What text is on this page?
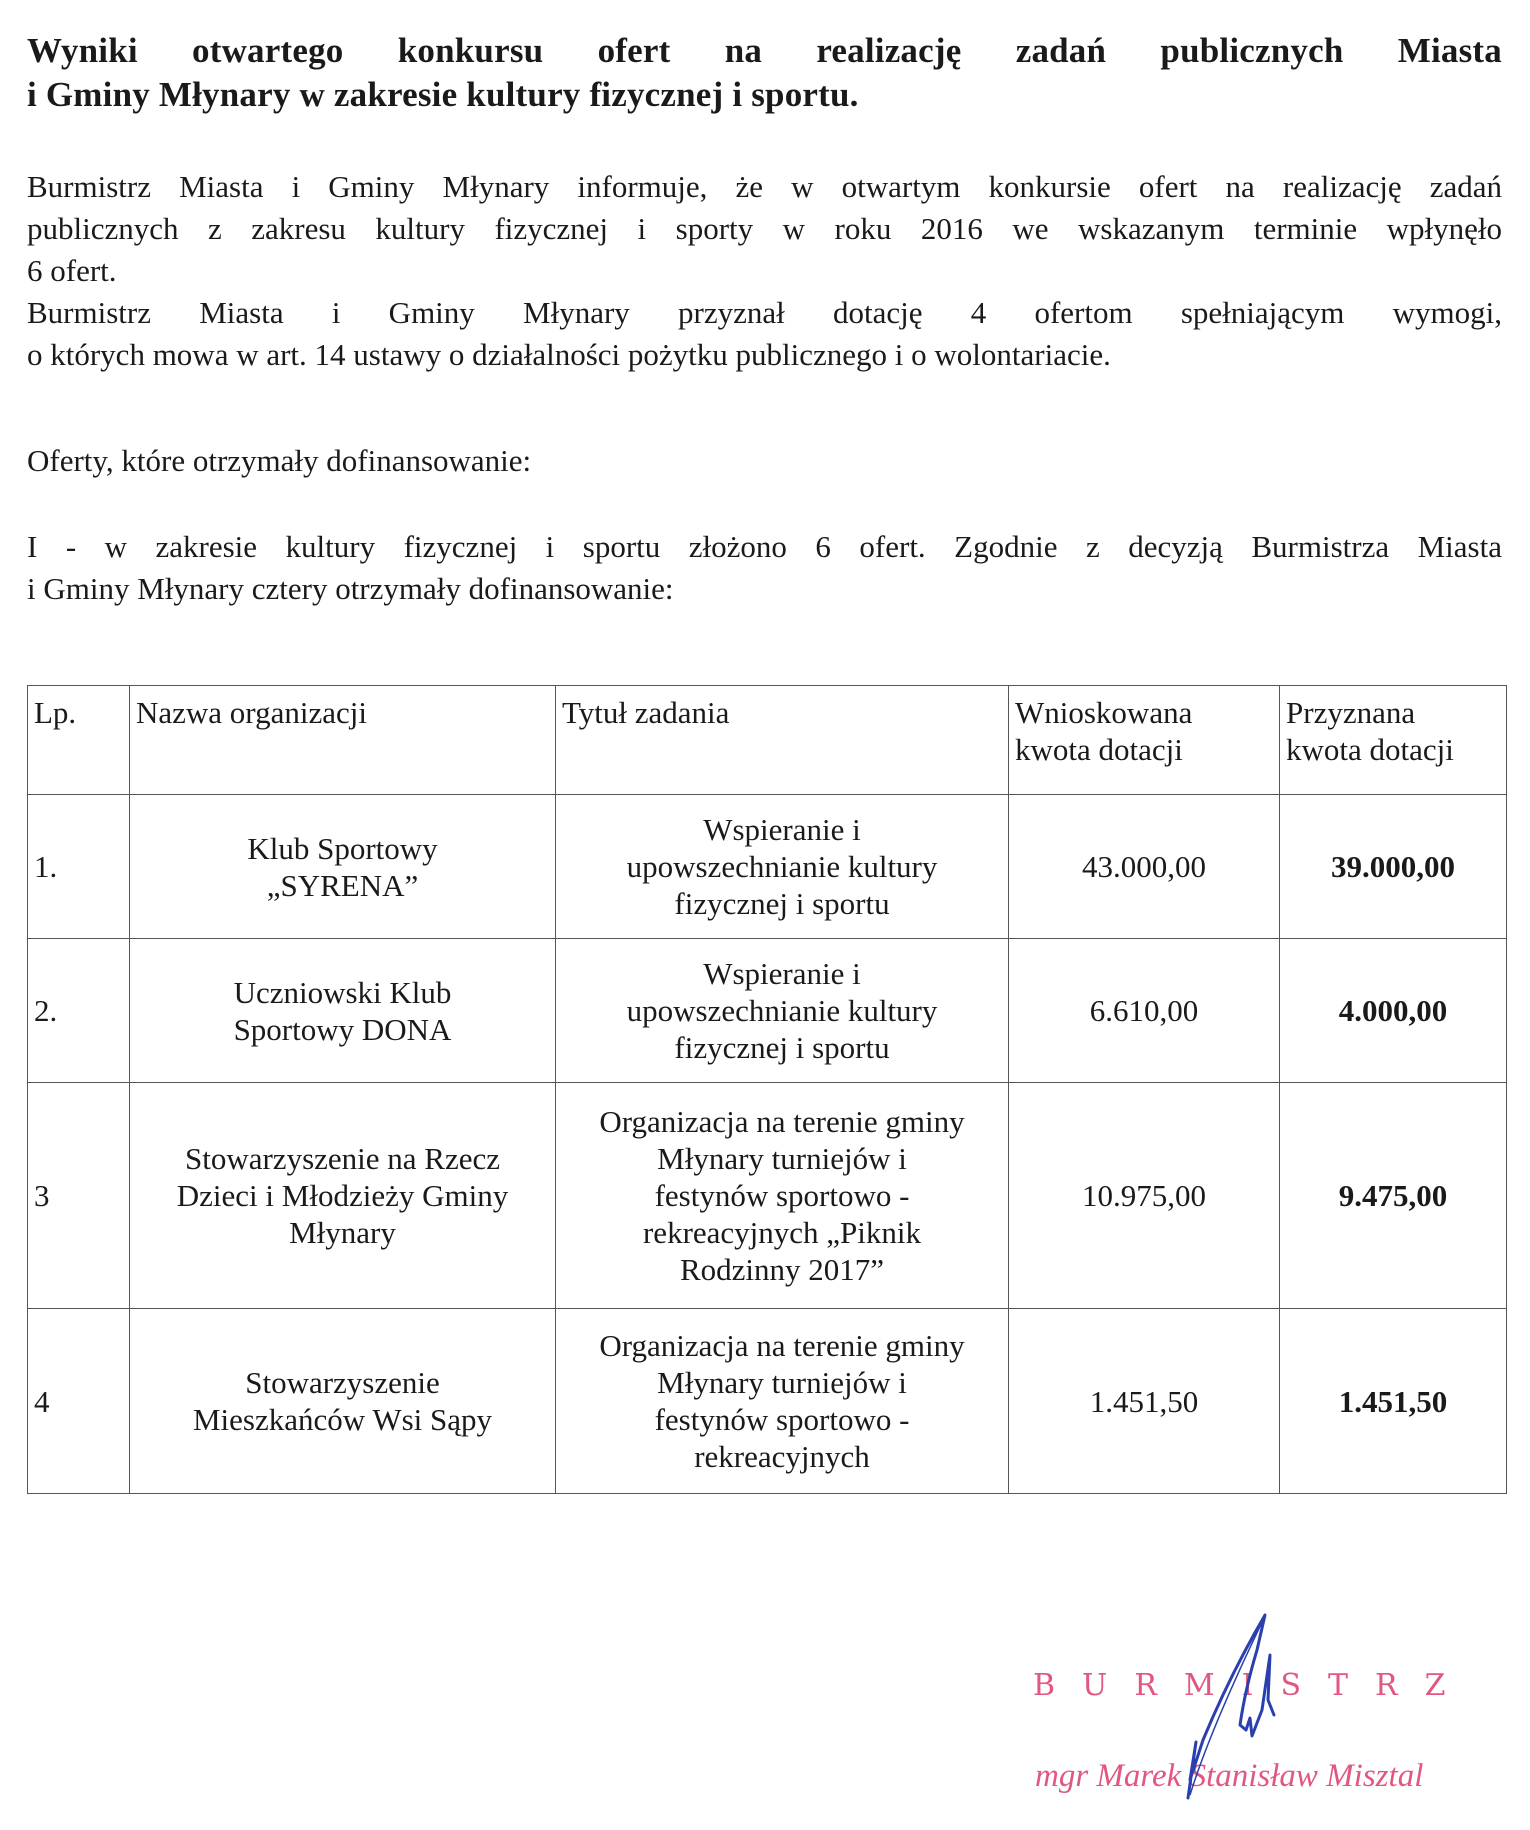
Wyniki otwartego konkursu ofert na realizację zadań publicznych Miasta
i Gminy Młynary w zakresie kultury fizycznej i sportu.
Burmistrz Miasta i Gminy Młynary informuje, że w otwartym konkursie ofert na realizację zadań
publicznych z zakresu kultury fizycznej i sporty w roku 2016 we wskazanym terminie wpłynęło
6 ofert.
Burmistrz Miasta i Gminy Młynary przyznał dotację 4 ofertom spełniającym wymogi,
o których mowa w art. 14 ustawy o działalności pożytku publicznego i o wolontariacie.
Oferty, które otrzymały dofinansowanie:
I - w zakresie kultury fizycznej i sportu złożono 6 ofert. Zgodnie z decyzją Burmistrza Miasta
i Gminy Młynary cztery otrzymały dofinansowanie:
Lp.	Nazwa organizacji	Tytuł zadania	Wnioskowana
kwota dotacji	Przyznana
kwota dotacji

1.	Klub Sportowy
„SYRENA”	Wspieranie i
upowszechnianie kultury
fizycznej i sportu	43.000,00	39.000,00
2.	Uczniowski Klub
Sportowy DONA	Wspieranie i
upowszechnianie kultury
fizycznej i sportu	6.610,00	4.000,00
3	Stowarzyszenie na Rzecz
Dzieci i Młodzieży Gminy
Młynary	Organizacja na terenie gminy
Młynary turniejów i
festynów sportowo -
rekreacyjnych „Piknik
Rodzinny 2017”	10.975,00	9.475,00
4	Stowarzyszenie
Mieszkańców Wsi Sąpy	Organizacja na terenie gminy
Młynary turniejów i
festynów sportowo -
rekreacyjnych	1.451,50	1.451,50
BURMISTRZ
mgr Marek Stanisław Misztal
